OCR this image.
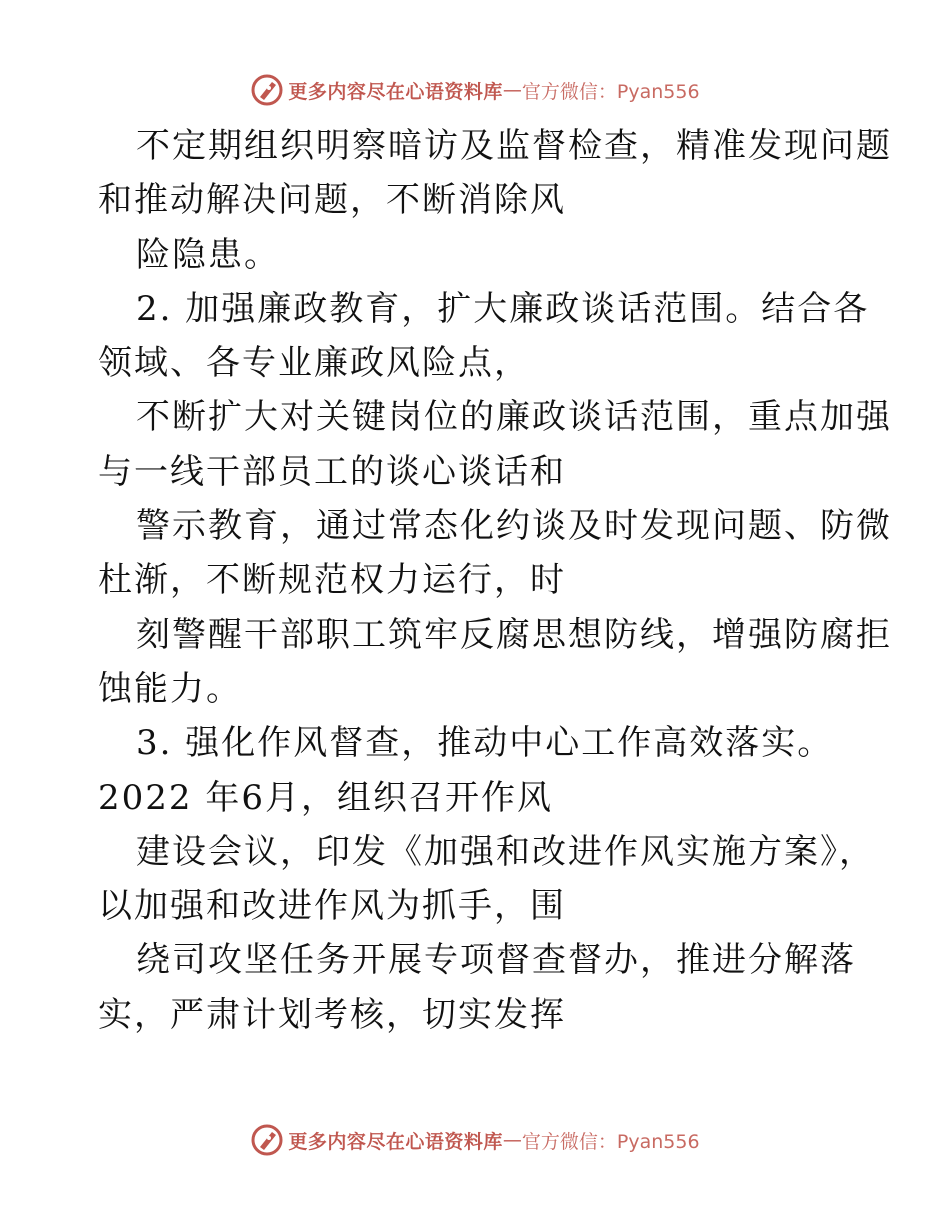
更多内容尽在心语资料库 — 官方微信：Pyan556
不定期组织明察暗访及监督检查，精准发现问题
和推动解决问题，不断消除风
险隐患。
2. 加强廉政教育，扩大廉政谈话范围。结合各
领域、各专业廉政风险点，
不断扩大对关键岗位的廉政谈话范围，重点加强
与一线干部员工的谈心谈话和
警示教育，通过常态化约谈及时发现问题、防微
杜渐，不断规范权力运行，时
刻警醒干部职工筑牢反腐思想防线，增强防腐拒
蚀能力。
3. 强化作风督查，推动中心工作高效落实。
2022 年6月，组织召开作风
建设会议，印发《加强和改进作风实施方案》，
以加强和改进作风为抓手，围
绕司攻坚任务开展专项督查督办，推进分解落
实，严肃计划考核，切实发挥
更多内容尽在心语资料库 — 官方微信：Pyan556
